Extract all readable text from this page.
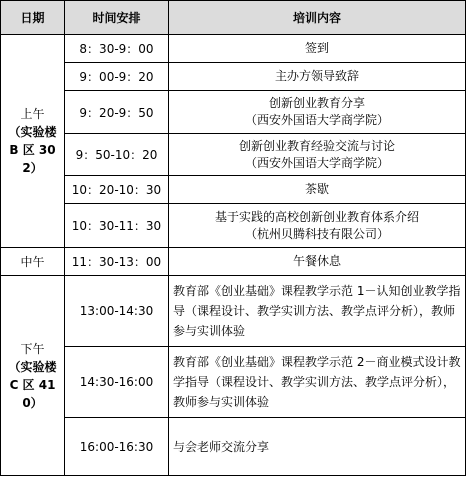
日期	时间安排	培训内容

上午
（实验楼 B 区 302）	8：30-9：00	签到

	9：00-9：20	主办方领导致辞

	9：20-9：50	创新创业教育分享
（西安外国语大学商学院）

	9：50-10：20	创新创业教育经验交流与讨论
（西安外国语大学商学院）

	10：20-10：30	茶歇

	10：30-11：30	基于实践的高校创新创业教育体系介绍
（杭州贝腾科技有限公司）

中午	11：30-13：00	午餐休息

下午
（实验楼 C 区 410）	13:00-14:30	教育部《创业基础》课程教学示范 1－认知创业教学指导（课程设计、教学实训方法、教学点评分析），教师参与实训体验
	14:30-16:00	教育部《创业基础》课程教学示范 2－商业模式设计教学指导（课程设计、教学实训方法、教学点评分析），教师参与实训体验
	16:00-16:30	与会老师交流分享
